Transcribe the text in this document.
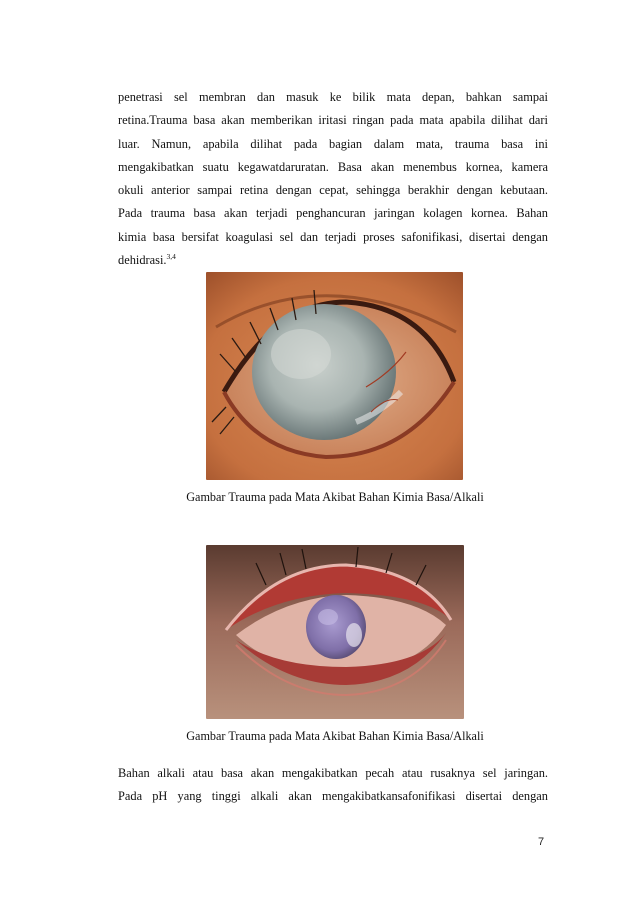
penetrasi sel membran dan masuk ke bilik mata depan, bahkan sampai
retina.Trauma basa akan memberikan iritasi ringan pada mata apabila dilihat dari
luar. Namun, apabila dilihat pada bagian dalam mata, trauma basa ini
mengakibatkan suatu kegawatdaruratan. Basa akan menembus kornea, kamera
okuli anterior sampai retina dengan cepat, sehingga berakhir dengan kebutaan.
Pada trauma basa akan terjadi penghancuran jaringan kolagen kornea. Bahan
kimia basa bersifat koagulasi sel dan terjadi proses safonifikasi, disertai dengan
dehidrasi.$^{3,4}$
Gambar Trauma pada Mata Akibat Bahan Kimia Basa/Alkali
Gambar Trauma pada Mata Akibat Bahan Kimia Basa/Alkali
Bahan alkali atau basa akan mengakibatkan pecah atau rusaknya sel jaringan.
Pada pH yang tinggi alkali akan mengakibatkansafonifikasi disertai dengan
7
